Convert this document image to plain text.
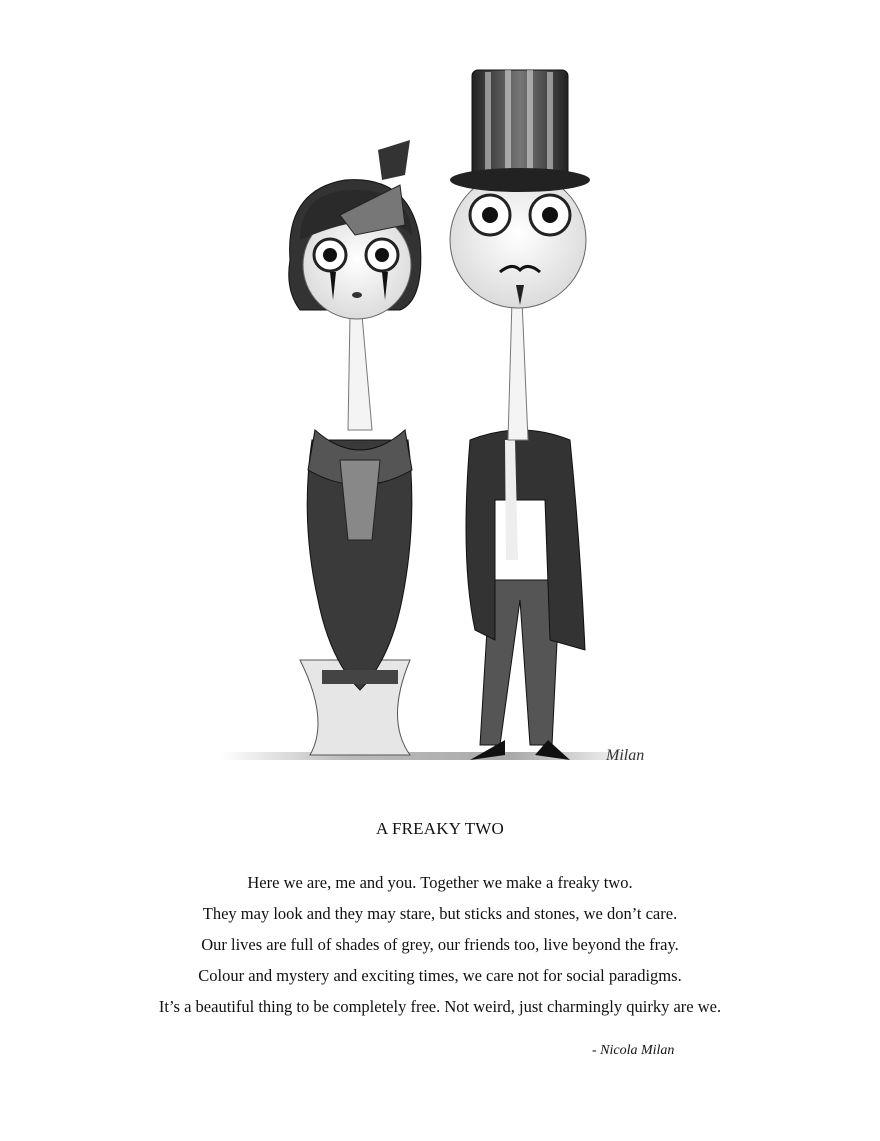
Milan
A FREAKY TWO
Here we are, me and you. Together we make a freaky two.
They may look and they may stare, but sticks and stones, we don’t care.
Our lives are full of shades of grey, our friends too, live beyond the fray.
Colour and mystery and exciting times, we care not for social paradigms.
It’s a beautiful thing to be completely free. Not weird, just charmingly quirky are we.
- Nicola Milan
